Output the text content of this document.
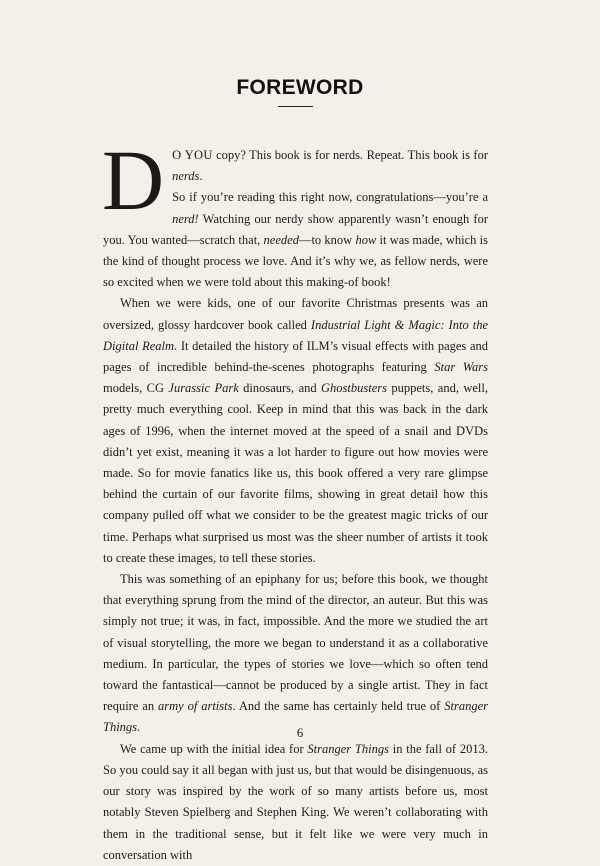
FOREWORD

D O YOU copy? This book is for nerds. Repeat. This book is for nerds.
So if you’re reading this right now, congratulations—you’re a nerd! Watching our nerdy show apparently wasn’t enough for you. You wanted—scratch that, needed—to know how it was made, which is the kind of thought process we love. And it’s why we, as fellow nerds, were so excited when we were told about this making-of book!

When we were kids, one of our favorite Christmas presents was an oversized, glossy hardcover book called Industrial Light & Magic: Into the Digital Realm. It detailed the history of ILM’s visual effects with pages and pages of incredible behind-the-scenes photographs featuring Star Wars models, CG Jurassic Park dinosaurs, and Ghostbusters puppets, and, well, pretty much everything cool. Keep in mind that this was back in the dark ages of 1996, when the internet moved at the speed of a snail and DVDs didn’t yet exist, meaning it was a lot harder to figure out how movies were made. So for movie fanatics like us, this book offered a very rare glimpse behind the curtain of our favorite films, showing in great detail how this company pulled off what we consider to be the greatest magic tricks of our time. Perhaps what surprised us most was the sheer number of artists it took to create these images, to tell these stories.

This was something of an epiphany for us; before this book, we thought that everything sprung from the mind of the director, an auteur. But this was simply not true; it was, in fact, impossible. And the more we studied the art of visual storytelling, the more we began to understand it as a collaborative medium. In particular, the types of stories we love—which so often tend toward the fantastical—cannot be produced by a single artist. They in fact require an army of artists. And the same has certainly held true of Stranger Things.

We came up with the initial idea for Stranger Things in the fall of 2013. So you could say it all began with just us, but that would be disingenuous, as our story was inspired by the work of so many artists before us, most notably Steven Spielberg and Stephen King. We weren’t collaborating with them in the traditional sense, but it felt like we were very much in conversation with

6
